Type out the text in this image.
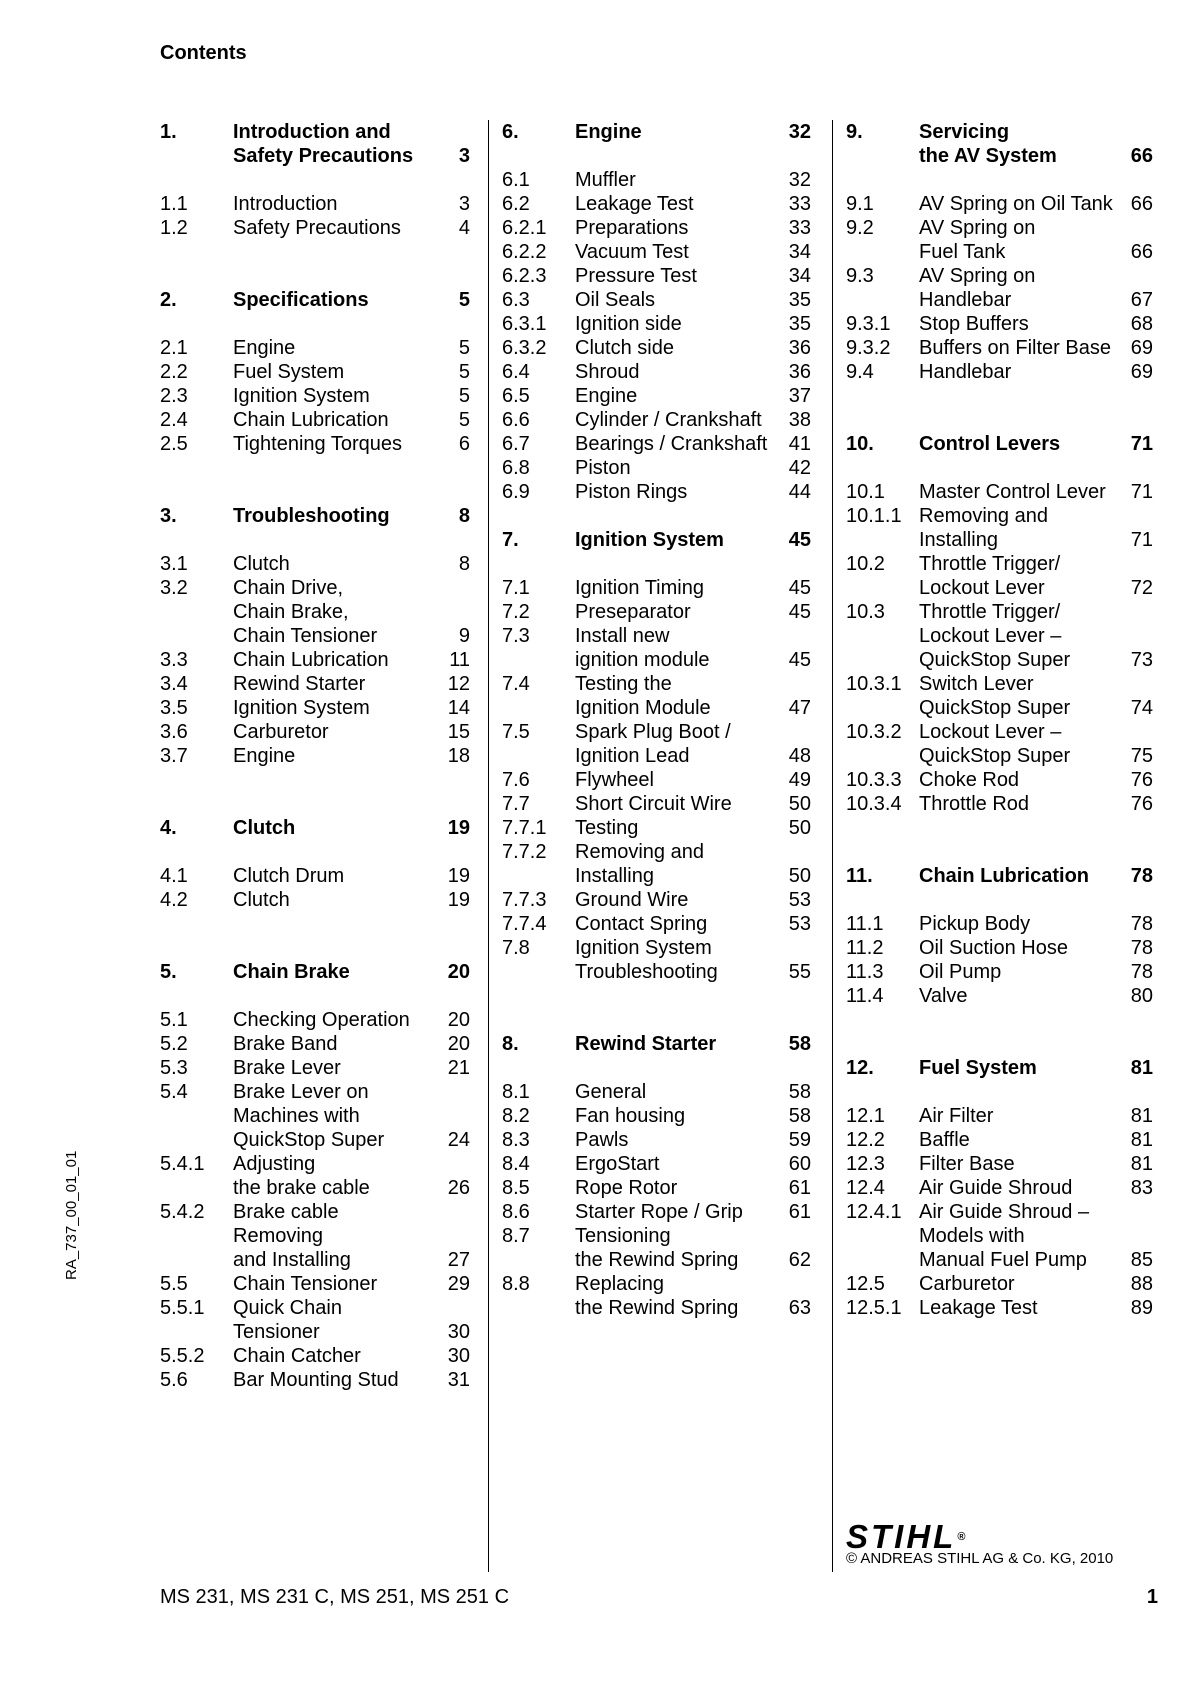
Contents
RA_737_00_01_01
1.	Introduction and
Safety Precautions	3
1.1	Introduction	3
1.2	Safety Precautions	4
2.	Specifications	5
2.1	Engine	5
2.2	Fuel System	5
2.3	Ignition System	5
2.4	Chain Lubrication	5
2.5	Tightening Torques	6
3.	Troubleshooting	8
3.1	Clutch	8
3.2	Chain Drive,
Chain Brake,
Chain Tensioner	9
3.3	Chain Lubrication	11
3.4	Rewind Starter	12
3.5	Ignition System	14
3.6	Carburetor	15
3.7	Engine	18
4.	Clutch	19
4.1	Clutch Drum	19
4.2	Clutch	19
5.	Chain Brake	20
5.1	Checking Operation	20
5.2	Brake Band	20
5.3	Brake Lever	21
5.4	Brake Lever on
Machines with
QuickStop Super	24
5.4.1	Adjusting
the brake cable	26
5.4.2	Brake cable
Removing
and Installing	27
5.5	Chain Tensioner	29
5.5.1	Quick Chain
Tensioner	30
5.5.2	Chain Catcher	30
5.6	Bar Mounting Stud	31
6.	Engine	32
6.1	Muffler	32
6.2	Leakage Test	33
6.2.1	Preparations	33
6.2.2	Vacuum Test	34
6.2.3	Pressure Test	34
6.3	Oil Seals	35
6.3.1	Ignition side	35
6.3.2	Clutch side	36
6.4	Shroud	36
6.5	Engine	37
6.6	Cylinder / Crankshaft	38
6.7	Bearings / Crankshaft	41
6.8	Piston	42
6.9	Piston Rings	44
7.	Ignition System	45
7.1	Ignition Timing	45
7.2	Preseparator	45
7.3	Install new
ignition module	45
7.4	Testing the
Ignition Module	47
7.5	Spark Plug Boot /
Ignition Lead	48
7.6	Flywheel	49
7.7	Short Circuit Wire	50
7.7.1	Testing	50
7.7.2	Removing and
Installing	50
7.7.3	Ground Wire	53
7.7.4	Contact Spring	53
7.8	Ignition System
Troubleshooting	55
8.	Rewind Starter	58
8.1	General	58
8.2	Fan housing	58
8.3	Pawls	59
8.4	ErgoStart	60
8.5	Rope Rotor	61
8.6	Starter Rope / Grip	61
8.7	Tensioning
the Rewind Spring	62
8.8	Replacing
the Rewind Spring	63
9.	Servicing
the AV System	66
9.1	AV Spring on Oil Tank 66
9.2	AV Spring on
Fuel Tank	66
9.3	AV Spring on
Handlebar	67
9.3.1	Stop Buffers	68
9.3.2	Buffers on Filter Base 69
9.4	Handlebar	69
10.	Control Levers	71
10.1	Master Control Lever	71
10.1.1 Removing and
Installing	71
10.2	Throttle Trigger/
Lockout Lever	72
10.3	Throttle Trigger/
Lockout Lever –
QuickStop Super	73
10.3.1 Switch Lever
QuickStop Super	74
10.3.2 Lockout Lever –
QuickStop Super	75
10.3.3 Choke Rod	76
10.3.4 Throttle Rod	76
11.	Chain Lubrication	78
11.1	Pickup Body	78
11.2	Oil Suction Hose	78
11.3	Oil Pump	78
11.4	Valve	80
12.	Fuel System	81
12.1	Air Filter	81
12.2	Baffle	81
12.3	Filter Base	81
12.4	Air Guide Shroud	83
12.4.1 Air Guide Shroud –
Models with
Manual Fuel Pump	85
12.5	Carburetor	88
12.5.1 Leakage Test	89
STIHL®
© ANDREAS STIHL AG & Co. KG, 2010
MS 231, MS 231 C, MS 251, MS 251 C	1
